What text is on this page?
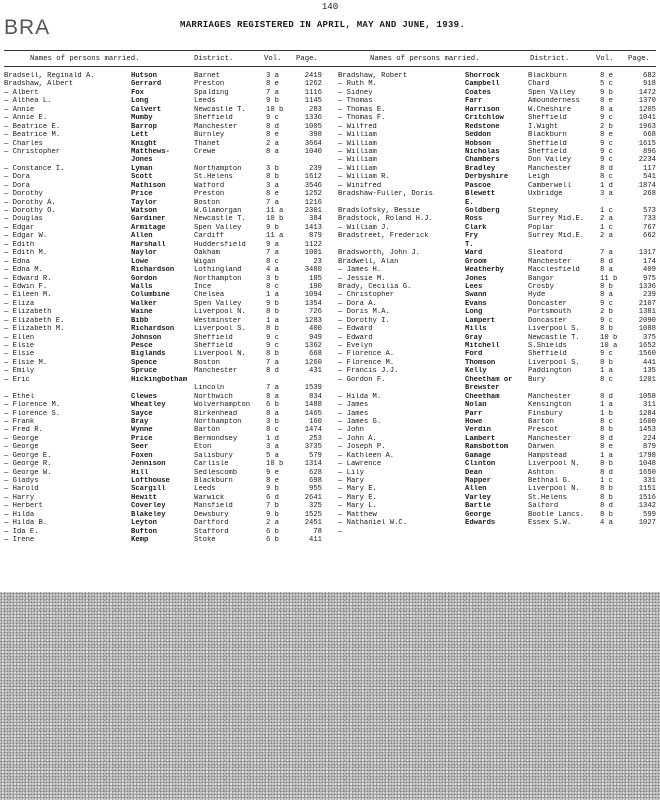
140
BRA	MARRIAGES REGISTERED IN APRIL, MAY AND JUNE, 1939.
Names of persons married.	District.	Vol. Page.	Names of persons married.	District.	Vol. Page.
Bradsell, Reginald A.	Hutson	Barnet	3 a	2419
Bradshaw, Albert	Gerrard	Preston	8 e	1262
— Albert	Fox	Spalding	7 a	1116
— Althea L.	Long	Leeds	9 b	1145
— Annie	Calvert	Newcastle T.	10 b	283
— Annie E.	Mumby	Sheffield	9 c	1336
— Beatrice E.	Barrop	Manchester	8 d	1005
— Beatrice M.	Lett	Burnley	8 e	398
— Charles	Knight	Thanet	2 a	3664
— Christopher	Matthews-	Crewe	8 a	1040
Jones
— Constance I.	Lyman	Northampton	3 b	239
— Dora	Scott	St.Helens	8 b	1612
— Dora	Mathison	Watford	3 a	3546
— Dorothy	Price	Preston	8 e	1252
— Dorothy A.	Taylor	Boston	7 a	1216
— Dorothy O.	Watson	W.Glamorgan	11 a	2301
— Douglas	Gardiner	Newcastle T.	10 b	384
— Edgar	Armitage	Spen Valley	9 b	1413
— Edgar W.	Allen	Cardiff	11 a	879
— Edith	Marshall	Huddersfield	9 a	1122
— Edith M.	Naylor	Oakham	7 a	1001
— Edna	Lowe	Wigan	8 c	23
— Edna M.	Richardson	Lothingland	4 a	3480
— Edward R.	Gordon	Northampton	3 b	185
— Edwin F.	Walls	Ince	8 c	190
— Eileen M.	Columbine	Chelsea	1 a	1094
— Eliza	Walker	Spen Valley	9 b	1354
— Elizabeth	Waine	Liverpool N.	8 b	726
— Elizabeth E.	Bibb	Westminster	1 a	1283
— Elizabeth M.	Richardson	Liverpool S.	8 b	400
— Ellen	Johnson	Sheffield	9 c	949
— Elsie	Pesce	Sheffield	9 c	1362
— Elsie	Biglands	Liverpool N.	8 b	668
— Elsie M.	Spence	Boston	7 a	1260
— Emily	Spruce	Manchester	8 d	431
— Eric	Hickingbotham
Lincoln	7 a	1539
— Ethel	Clewes	Northwich	8 a	834
— Florence M.	Wheatley	Wolverhampton	6 b	1488
— Florence S.	Sayce	Birkenhead	8 a	1465
— Frank	Bray	Northampton	3 b	160
— Fred R.	Wynne	Barton	8 c	1474
— George	Price	Bermondsey	1 d	253
— George	Seer	Eton	3 a	3735
— George E.	Foxen	Salisbury	5 a	579
— George R.	Jennison	Carlisle	10 b	1314
— George W.	Hill	Sedlescomb	9 e	628
— Gladys	Lofthouse	Blackburn	8 e	698
— Harold	Scargill	Leeds	9 b	955
— Harry	Hewitt	Warwick	6 d	2641
— Herbert	Coverley	Mansfield	7 b	325
— Hilda	Blakeley	Dewsbury	9 b	1525
— Hilda B.	Leyton	Dartford	2 a	2451
— Ida E.	Bufton	Stafford	6 b	78
— Irene	Kemp	Stoke	6 b	411
Bradshaw, Robert	Shorrock	Blackburn	8 e	682
— Ruth M.	Campbell	Chard	5 c	918
— Sidney	Coates	Spen Valley	9 b	1472
— Thomas	Farr	Amounderness	8 e	1370
— Thomas E.	Harrison	W.Cheshire	8 a	1205
— Thomas F.	Critchlow	Sheffield	9 c	1041
— Wilfred	Redstone	I.Wight	2 b	1963
— William	Seddon	Blackburn	8 e	668
— William	Hobson	Sheffield	9 c	1615
— William	Nicholas	Sheffield	9 c	896
— William	Chambers	Don Valley	9 c	2234
— William	Bradley	Manchester	8 d	117
— William R.	Derbyshire	Leigh	8 c	541
— Winifred	Pascoe	Camberwell	1 d	1874
Bradshaw-Fuller, Doris	Blewett	Uxbridge	3 a	268
E.
Bradslofsky, Bessie	Goldberg	Stepney	1 c	573
Bradstock, Roland H.J.	Ross	Surrey Mid.E.	2 a	733
— William J.	Clark	Poplar	1 c	767
Bradstreet, Frederick	Fry	Surrey Mid.E.	2 a	662
T.
Bradsworth, John J.	Ward	Sleaford	7 a	1317
Bradwell, Alan	Groom	Manchester	8 d	174
— James H.	Weatherby	Macclesfield	8 a	409
— Jessie M.	Jones	Bangor	11 b	975
Brady, Cecilia G.	Lees	Crosby	8 b	1336
— Christopher	Swann	Hyde	8 a	239
— Dora A.	Evans	Doncaster	9 c	2107
— Doris M.A.	Long	Portsmouth	2 b	1381
— Dorothy I.	Lampert	Doncaster	9 c	2090
— Edward	Mills	Liverpool S.	8 b	1088
— Edward	Gray	Newcastle T.	10 b	375
— Evelyn	Mitchell	S.Shields	10 a	1652
— Florence A.	Ford	Sheffield	9 c	1560
— Florence M.	Thomson	Liverpool S.	8 b	441
— Francis J.J.	Kelly	Paddington	1 a	135
— Gordon F.	Cheetham or	Bury	8 c	1201
Brewster
— Hilda M.	Cheetham	Manchester	8 d	1058
— James	Nolan	Kensington	1 a	311
— James	Parr	Finsbury	1 b	1284
— James G.	Howe	Barton	8 c	1600
— John	Verdin	Prescot	8 b	1453
— John A.	Lambert	Manchester	8 d	224
— Joseph P.	Ramsbottom	Darwen	8 e	879
— Kathleen A.	Gamage	Hampstead	1 a	1798
— Lawrence	Clinton	Liverpool N.	8 b	1048
— Lily	Dean	Ashton	8 d	1650
— Mary	Mapper	Bethnal G.	1 c	331
— Mary E.	Allen	Liverpool N.	8 b	1151
— Mary E.	Varley	St.Helens	8 b	1516
— Mary L.	Bartle	Salford	8 d	1342
— Matthew	George	Bootle Lancs.	8 b	599
— Nathaniel W.C.	Edwards	Essex S.W.	4 a	1027
—
